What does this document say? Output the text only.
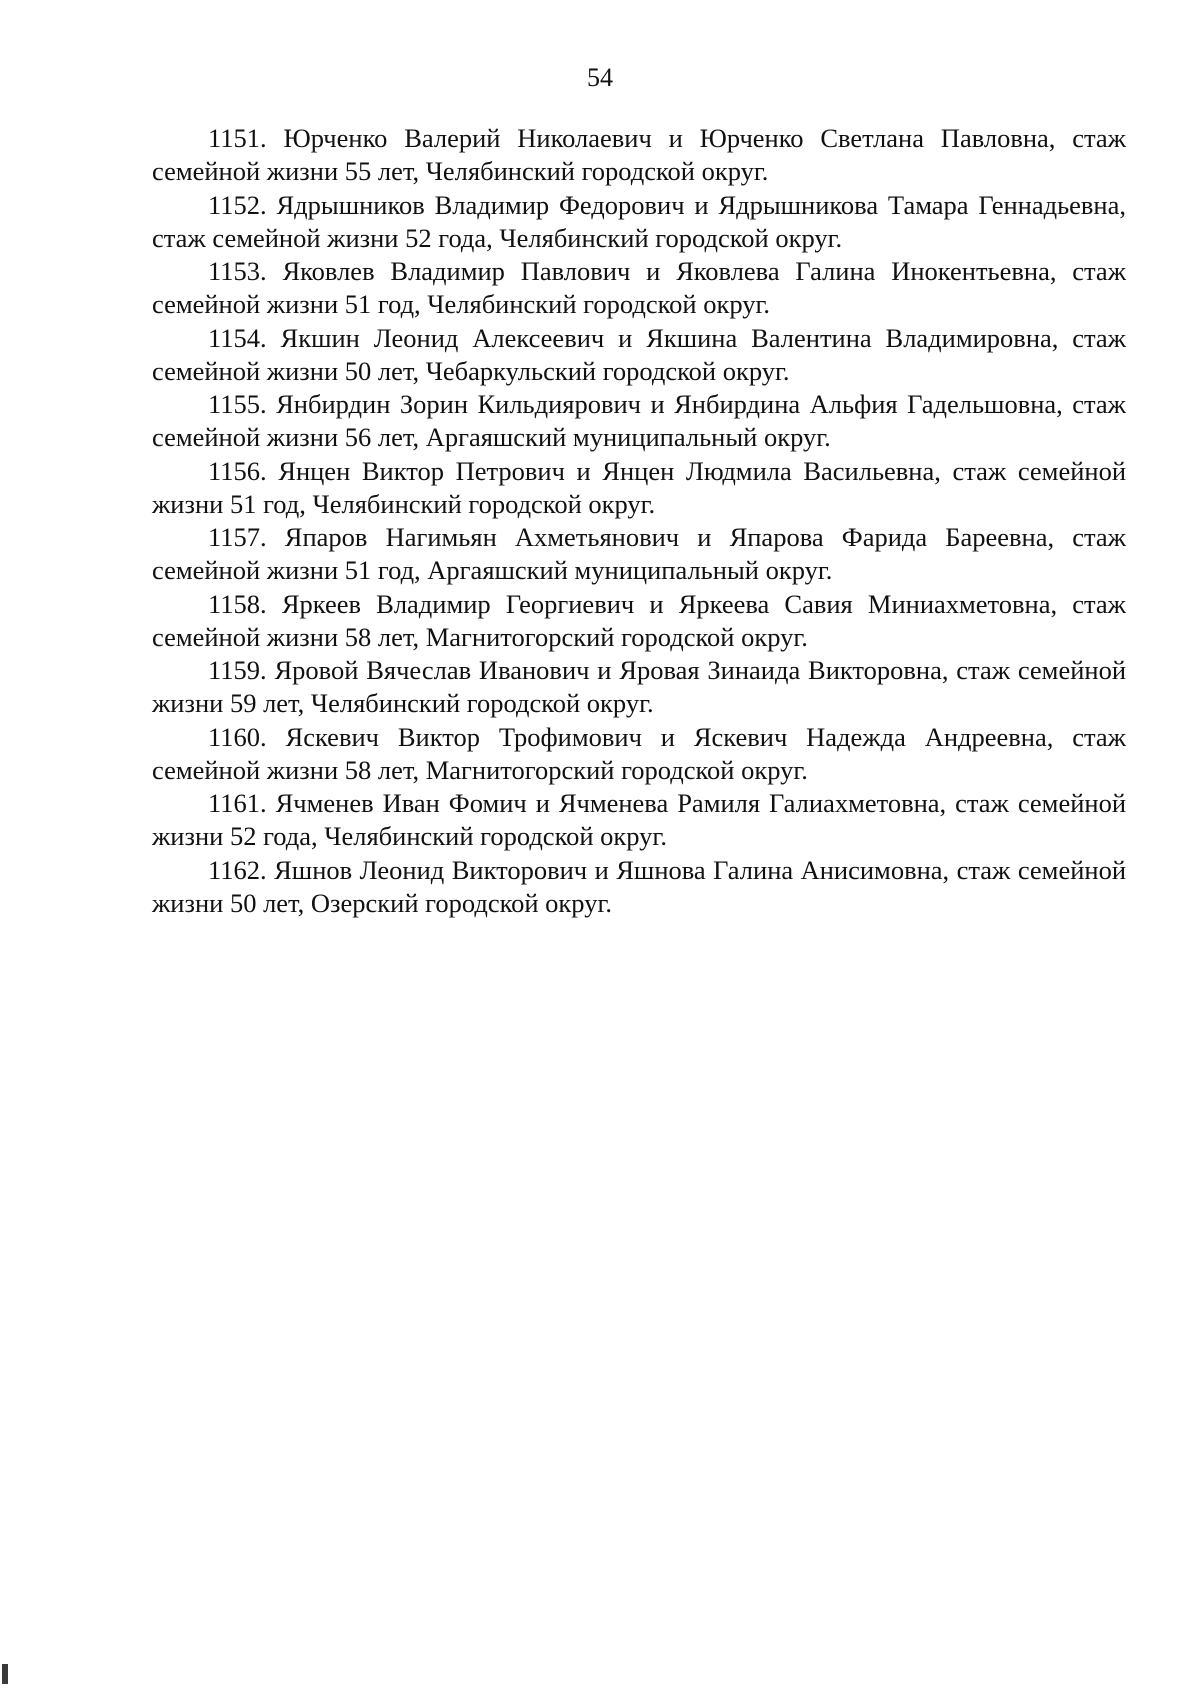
54

1151. Юрченко Валерий Николаевич и Юрченко Светлана Павловна, стаж семейной жизни 55 лет, Челябинский городской округ.

1152. Ядрышников Владимир Федорович и Ядрышникова Тамара Геннадьевна, стаж семейной жизни 52 года, Челябинский городской округ.

1153. Яковлев Владимир Павлович и Яковлева Галина Инокентьевна, стаж семейной жизни 51 год, Челябинский городской округ.

1154. Якшин Леонид Алексеевич и Якшина Валентина Владимировна, стаж семейной жизни 50 лет, Чебаркульский городской округ.

1155. Янбирдин Зорин Кильдиярович и Янбирдина Альфия Гадельшовна, стаж семейной жизни 56 лет, Аргаяшский муниципальный округ.

1156. Янцен Виктор Петрович и Янцен Людмила Васильевна, стаж семейной жизни 51 год, Челябинский городской округ.

1157. Япаров Нагимьян Ахметьянович и Япарова Фарида Бареевна, стаж семейной жизни 51 год, Аргаяшский муниципальный округ.

1158. Яркеев Владимир Георгиевич и Яркеева Савия Миниахметовна, стаж семейной жизни 58 лет, Магнитогорский городской округ.

1159. Яровой Вячеслав Иванович и Яровая Зинаида Викторовна, стаж семейной жизни 59 лет, Челябинский городской округ.

1160. Яскевич Виктор Трофимович и Яскевич Надежда Андреевна, стаж семейной жизни 58 лет, Магнитогорский городской округ.

1161. Ячменев Иван Фомич и Ячменева Рамиля Галиахметовна, стаж семейной жизни 52 года, Челябинский городской округ.

1162. Яшнов Леонид Викторович и Яшнова Галина Анисимовна, стаж семейной жизни 50 лет, Озерский городской округ.
